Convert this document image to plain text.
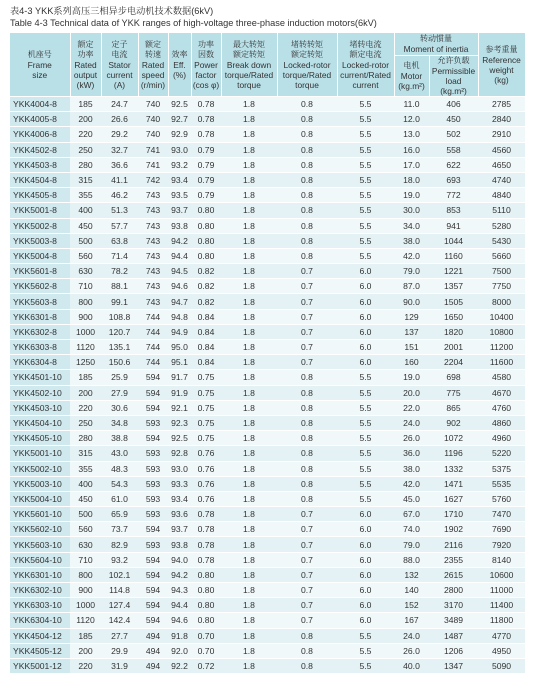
表4-3 YKK系列高压三相异步电动机技术数据(6kV)
Table 4-3 Technical data of YKK ranges of high-voltage three-phase induction motors(6kV)
机座号
Frame
size	额定
功率
Rated
output
(kW)	定子
电流
Stator
current
(A)	额定
转速
Rated
speed
(r/min)	效率
Eff.
(%)	功率
因数
Power
factor
(cos φ)	最大转矩
额定转矩
Break down
torque/Rated
torque	堵转转矩
额定转矩
Locked-rotor
torque/Rated
torque	堵转电流
额定电流
Locked-rotor
current/Rated
current	转动惯量
Moment of inertia		参考重量
Reference
weight
(kg)

									电机
Motor
(kg.m²)	允许负载
Permissible
load
(kg.m²)	

YKK4004-8	185	24.7	740	92.5	0.78	1.8	0.8	5.5	11.0	406	2785
YKK4005-8	200	26.6	740	92.7	0.78	1.8	0.8	5.5	12.0	450	2840
YKK4006-8	220	29.2	740	92.9	0.78	1.8	0.8	5.5	13.0	502	2910
YKK4502-8	250	32.7	741	93.0	0.79	1.8	0.8	5.5	16.0	558	4560
YKK4503-8	280	36.6	741	93.2	0.79	1.8	0.8	5.5	17.0	622	4650
YKK4504-8	315	41.1	742	93.4	0.79	1.8	0.8	5.5	18.0	693	4740
YKK4505-8	355	46.2	743	93.5	0.79	1.8	0.8	5.5	19.0	772	4840
YKK5001-8	400	51.3	743	93.7	0.80	1.8	0.8	5.5	30.0	853	5110
YKK5002-8	450	57.7	743	93.8	0.80	1.8	0.8	5.5	34.0	941	5280
YKK5003-8	500	63.8	743	94.2	0.80	1.8	0.8	5.5	38.0	1044	5430
YKK5004-8	560	71.4	743	94.4	0.80	1.8	0.8	5.5	42.0	1160	5660
YKK5601-8	630	78.2	743	94.5	0.82	1.8	0.7	6.0	79.0	1221	7500
YKK5602-8	710	88.1	743	94.6	0.82	1.8	0.7	6.0	87.0	1357	7750
YKK5603-8	800	99.1	743	94.7	0.82	1.8	0.7	6.0	90.0	1505	8000
YKK6301-8	900	108.8	744	94.8	0.84	1.8	0.7	6.0	129	1650	10400
YKK6302-8	1000	120.7	744	94.9	0.84	1.8	0.7	6.0	137	1820	10800
YKK6303-8	1120	135.1	744	95.0	0.84	1.8	0.7	6.0	151	2001	11200
YKK6304-8	1250	150.6	744	95.1	0.84	1.8	0.7	6.0	160	2204	11600
YKK4501-10	185	25.9	594	91.7	0.75	1.8	0.8	5.5	19.0	698	4580
YKK4502-10	200	27.9	594	91.9	0.75	1.8	0.8	5.5	20.0	775	4670
YKK4503-10	220	30.6	594	92.1	0.75	1.8	0.8	5.5	22.0	865	4760
YKK4504-10	250	34.8	593	92.3	0.75	1.8	0.8	5.5	24.0	902	4860
YKK4505-10	280	38.8	594	92.5	0.75	1.8	0.8	5.5	26.0	1072	4960
YKK5001-10	315	43.0	593	92.8	0.76	1.8	0.8	5.5	36.0	1196	5220
YKK5002-10	355	48.3	593	93.0	0.76	1.8	0.8	5.5	38.0	1332	5375
YKK5003-10	400	54.3	593	93.3	0.76	1.8	0.8	5.5	42.0	1471	5535
YKK5004-10	450	61.0	593	93.4	0.76	1.8	0.8	5.5	45.0	1627	5760
YKK5601-10	500	65.9	593	93.6	0.78	1.8	0.7	6.0	67.0	1710	7470
YKK5602-10	560	73.7	594	93.7	0.78	1.8	0.7	6.0	74.0	1902	7690
YKK5603-10	630	82.9	593	93.8	0.78	1.8	0.7	6.0	79.0	2116	7920
YKK5604-10	710	93.2	594	94.0	0.78	1.8	0.7	6.0	88.0	2355	8140
YKK6301-10	800	102.1	594	94.2	0.80	1.8	0.7	6.0	132	2615	10600
YKK6302-10	900	114.8	594	94.3	0.80	1.8	0.7	6.0	140	2800	11000
YKK6303-10	1000	127.4	594	94.4	0.80	1.8	0.7	6.0	152	3170	11400
YKK6304-10	1120	142.4	594	94.6	0.80	1.8	0.7	6.0	167	3489	11800
YKK4504-12	185	27.7	494	91.8	0.70	1.8	0.8	5.5	24.0	1487	4770
YKK4505-12	200	29.9	494	92.0	0.70	1.8	0.8	5.5	26.0	1206	4950
YKK5001-12	220	31.9	494	92.2	0.72	1.8	0.8	5.5	40.0	1347	5090
